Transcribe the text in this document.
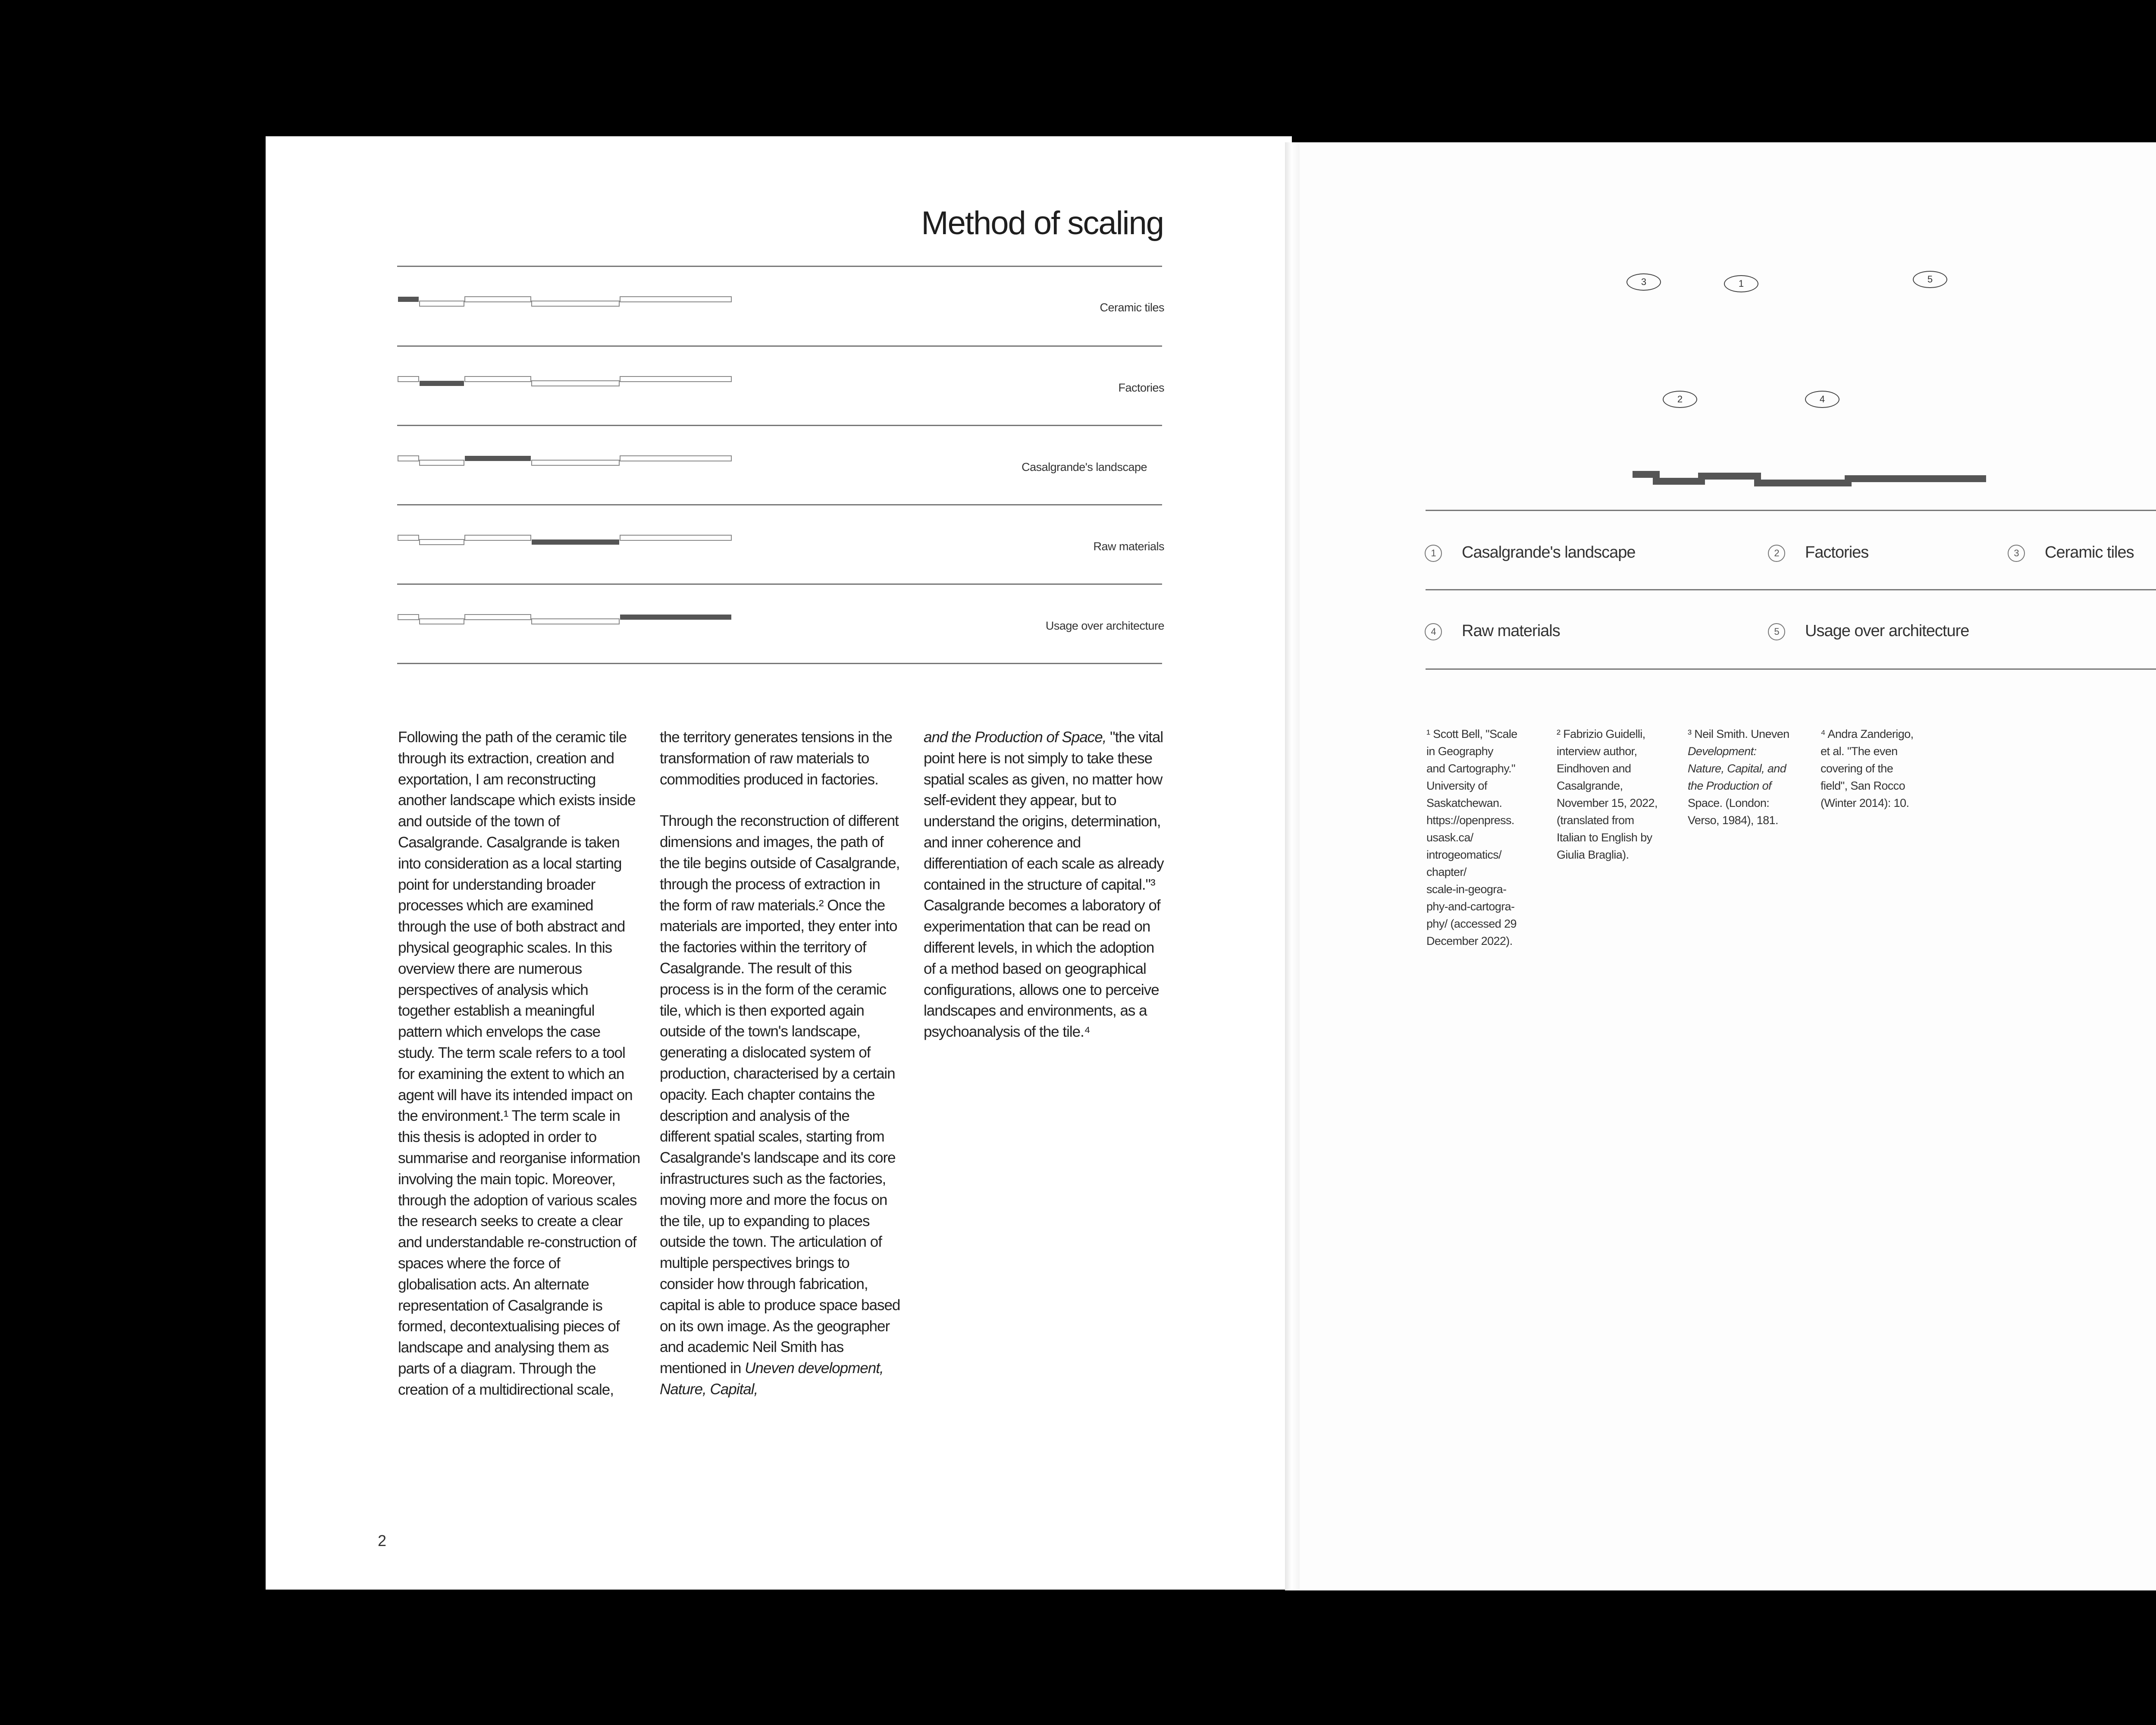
Method of scaling
Ceramic tiles
Factories
Casalgrande's landscape
Raw materials
Usage over architecture

Following the path of the ceramic tile through its extraction, creation and exportation, I am reconstructing another landscape which exists inside and outside of the town of Casalgrande. Casalgrande is taken into consideration as a local starting point for understanding broader processes which are examined through the use of both abstract and physical geographic scales. In this overview there are numerous perspectives of analysis which together establish a meaningful pattern which envelops the case study. The term scale refers to a tool for examining the extent to which an agent will have its intended impact on the environment.¹ The term scale in this thesis is adopted in order to summarise and reorganise information involving the main topic. Moreover, through the adoption of various scales the research seeks to create a clear and understandable re-construction of spaces where the force of globalisation acts. An alternate representation of Casalgrande is formed, decontextualising pieces of landscape and analysing them as parts of a diagram. Through the creation of a multidirectional scale,

the territory generates tensions in the transformation of raw materials to commodities produced in factories.

Through the reconstruction of different dimensions and images, the path of the tile begins outside of Casalgrande, through the process of extraction in the form of raw materials.² Once the materials are imported, they enter into the factories within the territory of Casalgrande. The result of this process is in the form of the ceramic tile, which is then exported again outside of the town's landscape, generating a dislocated system of production, characterised by a certain opacity. Each chapter contains the description and analysis of the different spatial scales, starting from Casalgrande's landscape and its core infrastructures such as the factories, moving more and more the focus on the tile, up to expanding to places outside the town. The articulation of multiple perspectives brings to consider how through fabrication, capital is able to produce space based on its own image. As the geographer and academic Neil Smith has mentioned in Uneven development, Nature, Capital,

and the Production of Space, "the vital point here is not simply to take these spatial scales as given, no matter how self-evident they appear, but to understand the origins, determination, and inner coherence and differentiation of each scale as already contained in the structure of capital."³ Casalgrande becomes a laboratory of experimentation that can be read on different levels, in which the adoption of a method based on geographical configurations, allows one to perceive landscapes and environments, as a psychoanalysis of the tile.⁴

2
3	1	5
2	4
1 Casalgrande's landscape	2 Factories	3 Ceramic tiles
4 Raw materials	5 Usage over architecture

¹ Scott Bell, "Scale

in Geography

and Cartography."

University of

Saskatchewan.

https://openpress.

usask.ca/

introgeomatics/

chapter/

scale-in-geogra-

phy-and-cartogra-

phy/ (accessed 29

December 2022).

² Fabrizio Guidelli,

interview author,

Eindhoven and

Casalgrande,

November 15, 2022,

(translated from

Italian to English by

Giulia Braglia).

³ Neil Smith. Uneven

Development:

Nature, Capital, and

the Production of

Space. (London:

Verso, 1984), 181.

⁴ Andra Zanderigo,

et al. "The even

covering of the

field", San Rocco

(Winter 2014): 10.
